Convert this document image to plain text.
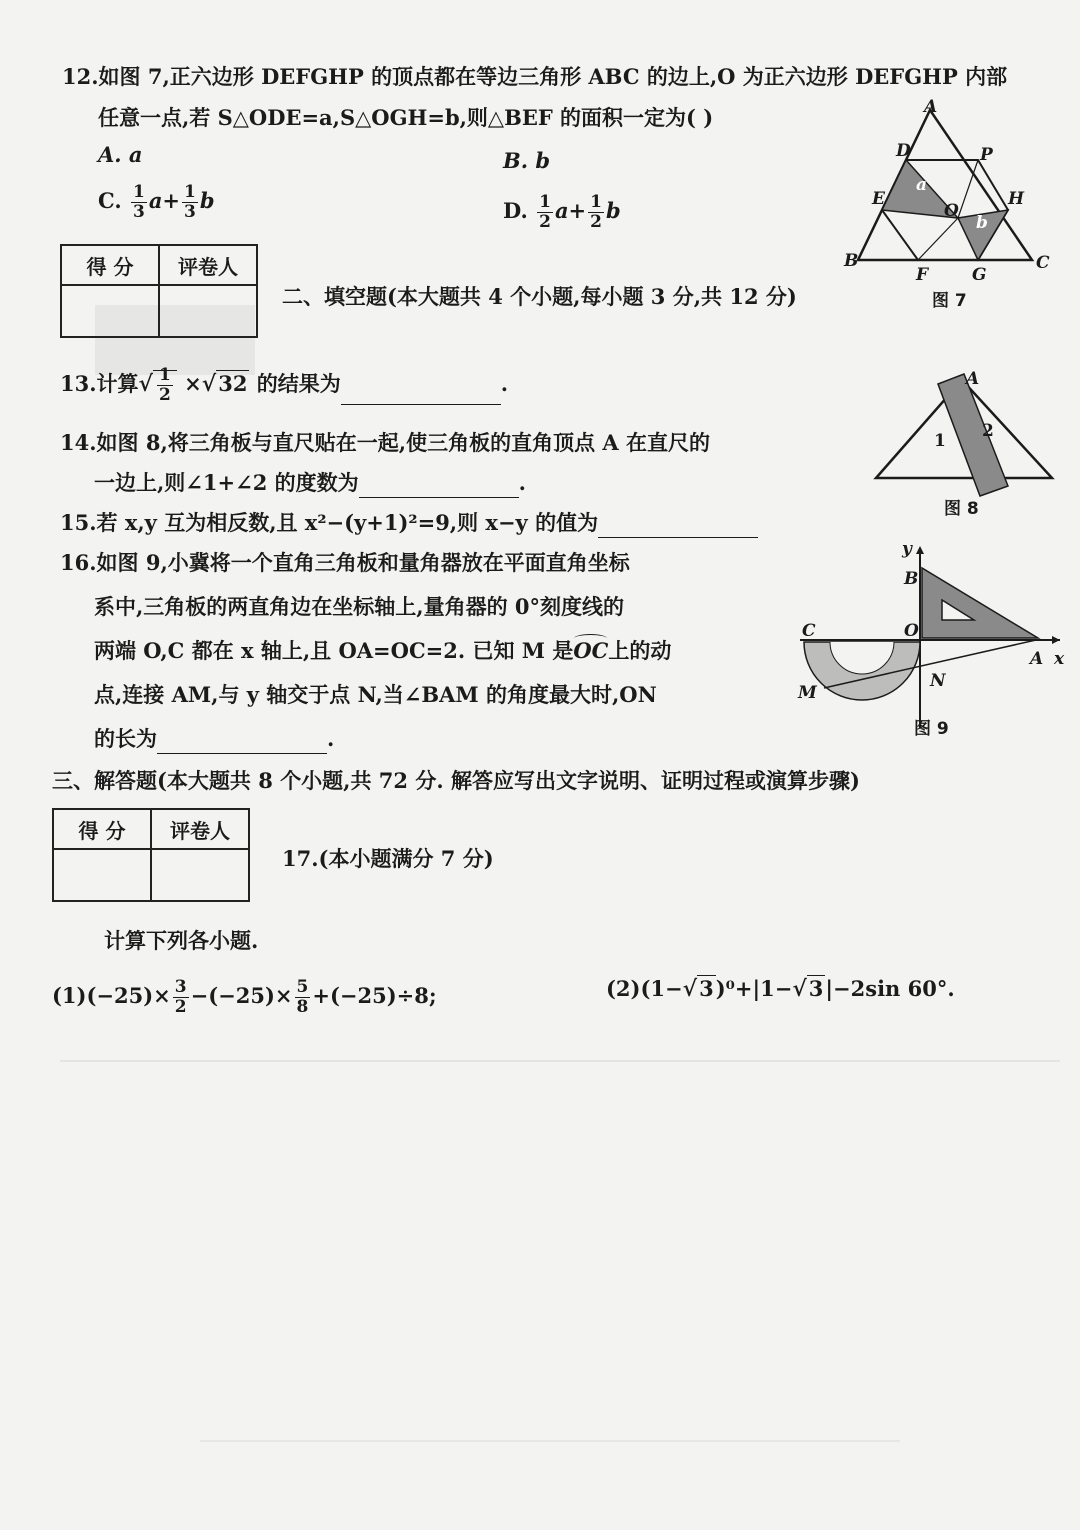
12.如图 7,正六边形 DEFGHP 的顶点都在等边三角形 ABC 的边上,O 为正六边形 DEFGHP 内部
任意一点,若 S△ODE=a,S△OGH=b,则△BEF 的面积一定为( )
A. a	B. b
C. $\frac{1}{3} a+ \frac{1}{3}$ b	D. $\frac{1}{2} a+ \frac{1}{2}$ b
A
D	P
E	H
O
B
F	G
C
a
b
图 7
得 分	评卷人

二、填空题(本大题共 4 个小题,每小题 3 分,共 12 分)
13.计算√ $\frac{1}{2} \times√32$ 的结果为	.
14.如图 8,将三角板与直尺贴在一起,使三角板的直角顶点 A 在直尺的
一边上,则∠1+∠2 的度数为	.
A
1 2
图 8
15.若 x,y 互为相反数,且 x²−(y+1)²=9,则 x−y 的值为
16.如图 9,小冀将一个直角三角板和量角器放在平面直角坐标
系中,三角板的两直角边在坐标轴上,量角器的 0°刻度线的
两端 O,C 都在 x 轴上,且 OA=OC=2. 已知 M 是
OC上的动
点,连接 AM,与 y 轴交于点 N,当∠BAM 的角度最大时,ON
的长为	.
y
B
C	O
A x
M
N
图 9
三、解答题(本大题共 8 个小题,共 72 分. 解答应写出文字说明、证明过程或演算步骤)
得 分	评卷人

17.(本小题满分 7 分)
计算下列各小题.
$(1)(-25)\times \frac{3}{2} -(-25)\times \frac{5}{8} +(-25)\div 8$;	(2)(1−√3)⁰+|1−√3|−2sin 60°.
